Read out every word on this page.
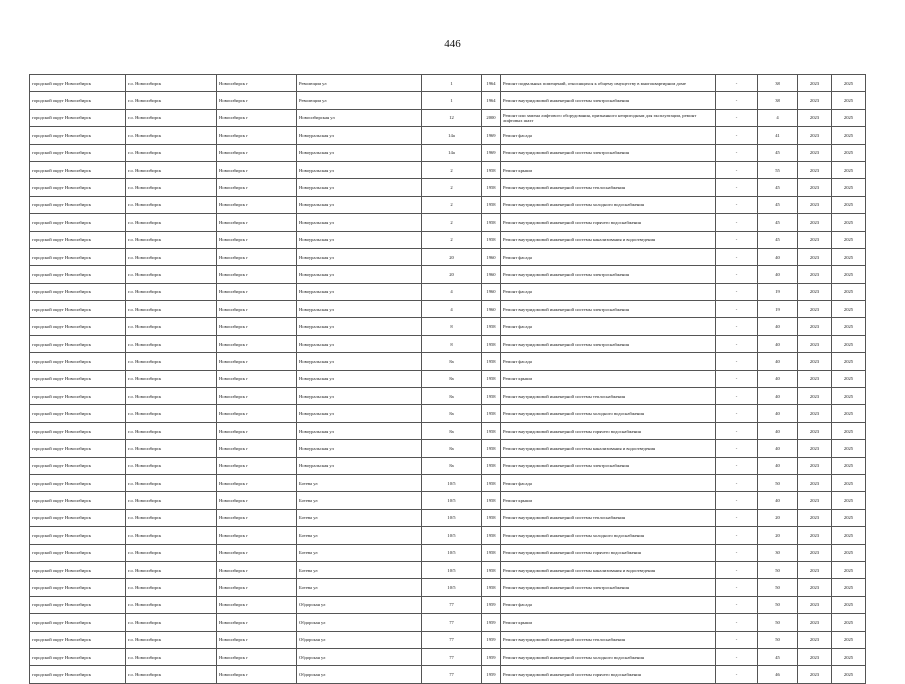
446
городской округ Новосибирск	г.о. Новосибирск	Новосибирск г	Революции ул	1	1964	Ремонт подвальных помещений, относящихся к общему имуществу в многоквартирном доме	-	38	2023	2025
городской округ Новосибирск	г.о. Новосибирск	Новосибирск г	Революции ул	1	1964	Ремонт внутридомовой инженерной системы электроснабжения	-	38	2023	2025
городской округ Новосибирск	г.о. Новосибирск	Новосибирск г	Новосибирская ул	12	2000	Ремонт или замена лифтового оборудования, признанного непригодным для эксплуатации, ремонт лифтовых шахт	-	4	2023	2025
городской округ Новосибирск	г.о. Новосибирск	Новосибирск г	Новоуральская ул	14а	1969	Ремонт фасада	-	41	2023	2025
городской округ Новосибирск	г.о. Новосибирск	Новосибирск г	Новоуральская ул	14а	1969	Ремонт внутридомовой инженерной системы электроснабжения	-	45	2023	2025
городской округ Новосибирск	г.о. Новосибирск	Новосибирск г	Новоуральская ул	2	1958	Ремонт крыши	-	55	2023	2025
городской округ Новосибирск	г.о. Новосибирск	Новосибирск г	Новоуральская ул	2	1958	Ремонт внутридомовой инженерной системы теплоснабжения	-	45	2023	2025
городской округ Новосибирск	г.о. Новосибирск	Новосибирск г	Новоуральская ул	2	1958	Ремонт внутридомовой инженерной системы холодного водоснабжения	-	45	2023	2025
городской округ Новосибирск	г.о. Новосибирск	Новосибирск г	Новоуральская ул	2	1958	Ремонт внутридомовой инженерной системы горячего водоснабжения	-	45	2023	2025
городской округ Новосибирск	г.о. Новосибирск	Новосибирск г	Новоуральская ул	2	1958	Ремонт внутридомовой инженерной системы канализования и водоотведения	-	45	2023	2025
городской округ Новосибирск	г.о. Новосибирск	Новосибирск г	Новоуральская ул	20	1960	Ремонт фасада	-	40	2023	2025
городской округ Новосибирск	г.о. Новосибирск	Новосибирск г	Новоуральская ул	20	1960	Ремонт внутридомовой инженерной системы электроснабжения	-	40	2023	2025
городской округ Новосибирск	г.о. Новосибирск	Новосибирск г	Новоуральская ул	4	1960	Ремонт фасада	-	19	2023	2025
городской округ Новосибирск	г.о. Новосибирск	Новосибирск г	Новоуральская ул	4	1960	Ремонт внутридомовой инженерной системы электроснабжения	-	19	2023	2025
городской округ Новосибирск	г.о. Новосибирск	Новосибирск г	Новоуральская ул	8	1958	Ремонт фасада	-	40	2023	2025
городской округ Новосибирск	г.о. Новосибирск	Новосибирск г	Новоуральская ул	8	1958	Ремонт внутридомовой инженерной системы электроснабжения	-	40	2023	2025
городской округ Новосибирск	г.о. Новосибирск	Новосибирск г	Новоуральская ул	8а	1958	Ремонт фасада	-	40	2023	2025
городской округ Новосибирск	г.о. Новосибирск	Новосибирск г	Новоуральская ул	8а	1958	Ремонт крыши	-	40	2023	2025
городской округ Новосибирск	г.о. Новосибирск	Новосибирск г	Новоуральская ул	8а	1958	Ремонт внутридомовой инженерной системы теплоснабжения	-	40	2023	2025
городской округ Новосибирск	г.о. Новосибирск	Новосибирск г	Новоуральская ул	8а	1958	Ремонт внутридомовой инженерной системы холодного водоснабжения	-	40	2023	2025
городской округ Новосибирск	г.о. Новосибирск	Новосибирск г	Новоуральская ул	8а	1958	Ремонт внутридомовой инженерной системы горячего водоснабжения	-	40	2023	2025
городской округ Новосибирск	г.о. Новосибирск	Новосибирск г	Новоуральская ул	8а	1958	Ремонт внутридомовой инженерной системы канализования и водоотведения	-	40	2023	2025
городской округ Новосибирск	г.о. Новосибирск	Новосибирск г	Новоуральская ул	8а	1958	Ремонт внутридомовой инженерной системы электроснабжения	-	40	2023	2025
городской округ Новосибирск	г.о. Новосибирск	Новосибирск г	Ботева ул	10/5	1958	Ремонт фасада	-	50	2023	2025
городской округ Новосибирск	г.о. Новосибирск	Новосибирск г	Ботева ул	10/5	1958	Ремонт крыши	-	40	2023	2025
городской округ Новосибирск	г.о. Новосибирск	Новосибирск г	Ботева ул	10/5	1958	Ремонт внутридомовой инженерной системы теплоснабжения	-	20	2023	2025
городской округ Новосибирск	г.о. Новосибирск	Новосибирск г	Ботева ул	10/5	1958	Ремонт внутридомовой инженерной системы холодного водоснабжения	-	20	2023	2025
городской округ Новосибирск	г.о. Новосибирск	Новосибирск г	Ботева ул	10/5	1958	Ремонт внутридомовой инженерной системы горячего водоснабжения	-	30	2023	2025
городской округ Новосибирск	г.о. Новосибирск	Новосибирск г	Ботева ул	10/5	1958	Ремонт внутридомовой инженерной системы канализования и водоотведения	-	50	2023	2025
городской округ Новосибирск	г.о. Новосибирск	Новосибирск г	Ботева ул	10/5	1958	Ремонт внутридомовой инженерной системы электроснабжения	-	50	2023	2025
городской округ Новосибирск	г.о. Новосибирск	Новосибирск г	Обдорская ул	77	1959	Ремонт фасада	-	50	2023	2025
городской округ Новосибирск	г.о. Новосибирск	Новосибирск г	Обдорская ул	77	1959	Ремонт крыши	-	50	2023	2025
городской округ Новосибирск	г.о. Новосибирск	Новосибирск г	Обдорская ул	77	1959	Ремонт внутридомовой инженерной системы теплоснабжения	-	50	2023	2025
городской округ Новосибирск	г.о. Новосибирск	Новосибирск г	Обдорская ул	77	1959	Ремонт внутридомовой инженерной системы холодного водоснабжения	-	45	2023	2025
городской округ Новосибирск	г.о. Новосибирск	Новосибирск г	Обдорская ул	77	1959	Ремонт внутридомовой инженерной системы горячего водоснабжения	-	46	2023	2025
